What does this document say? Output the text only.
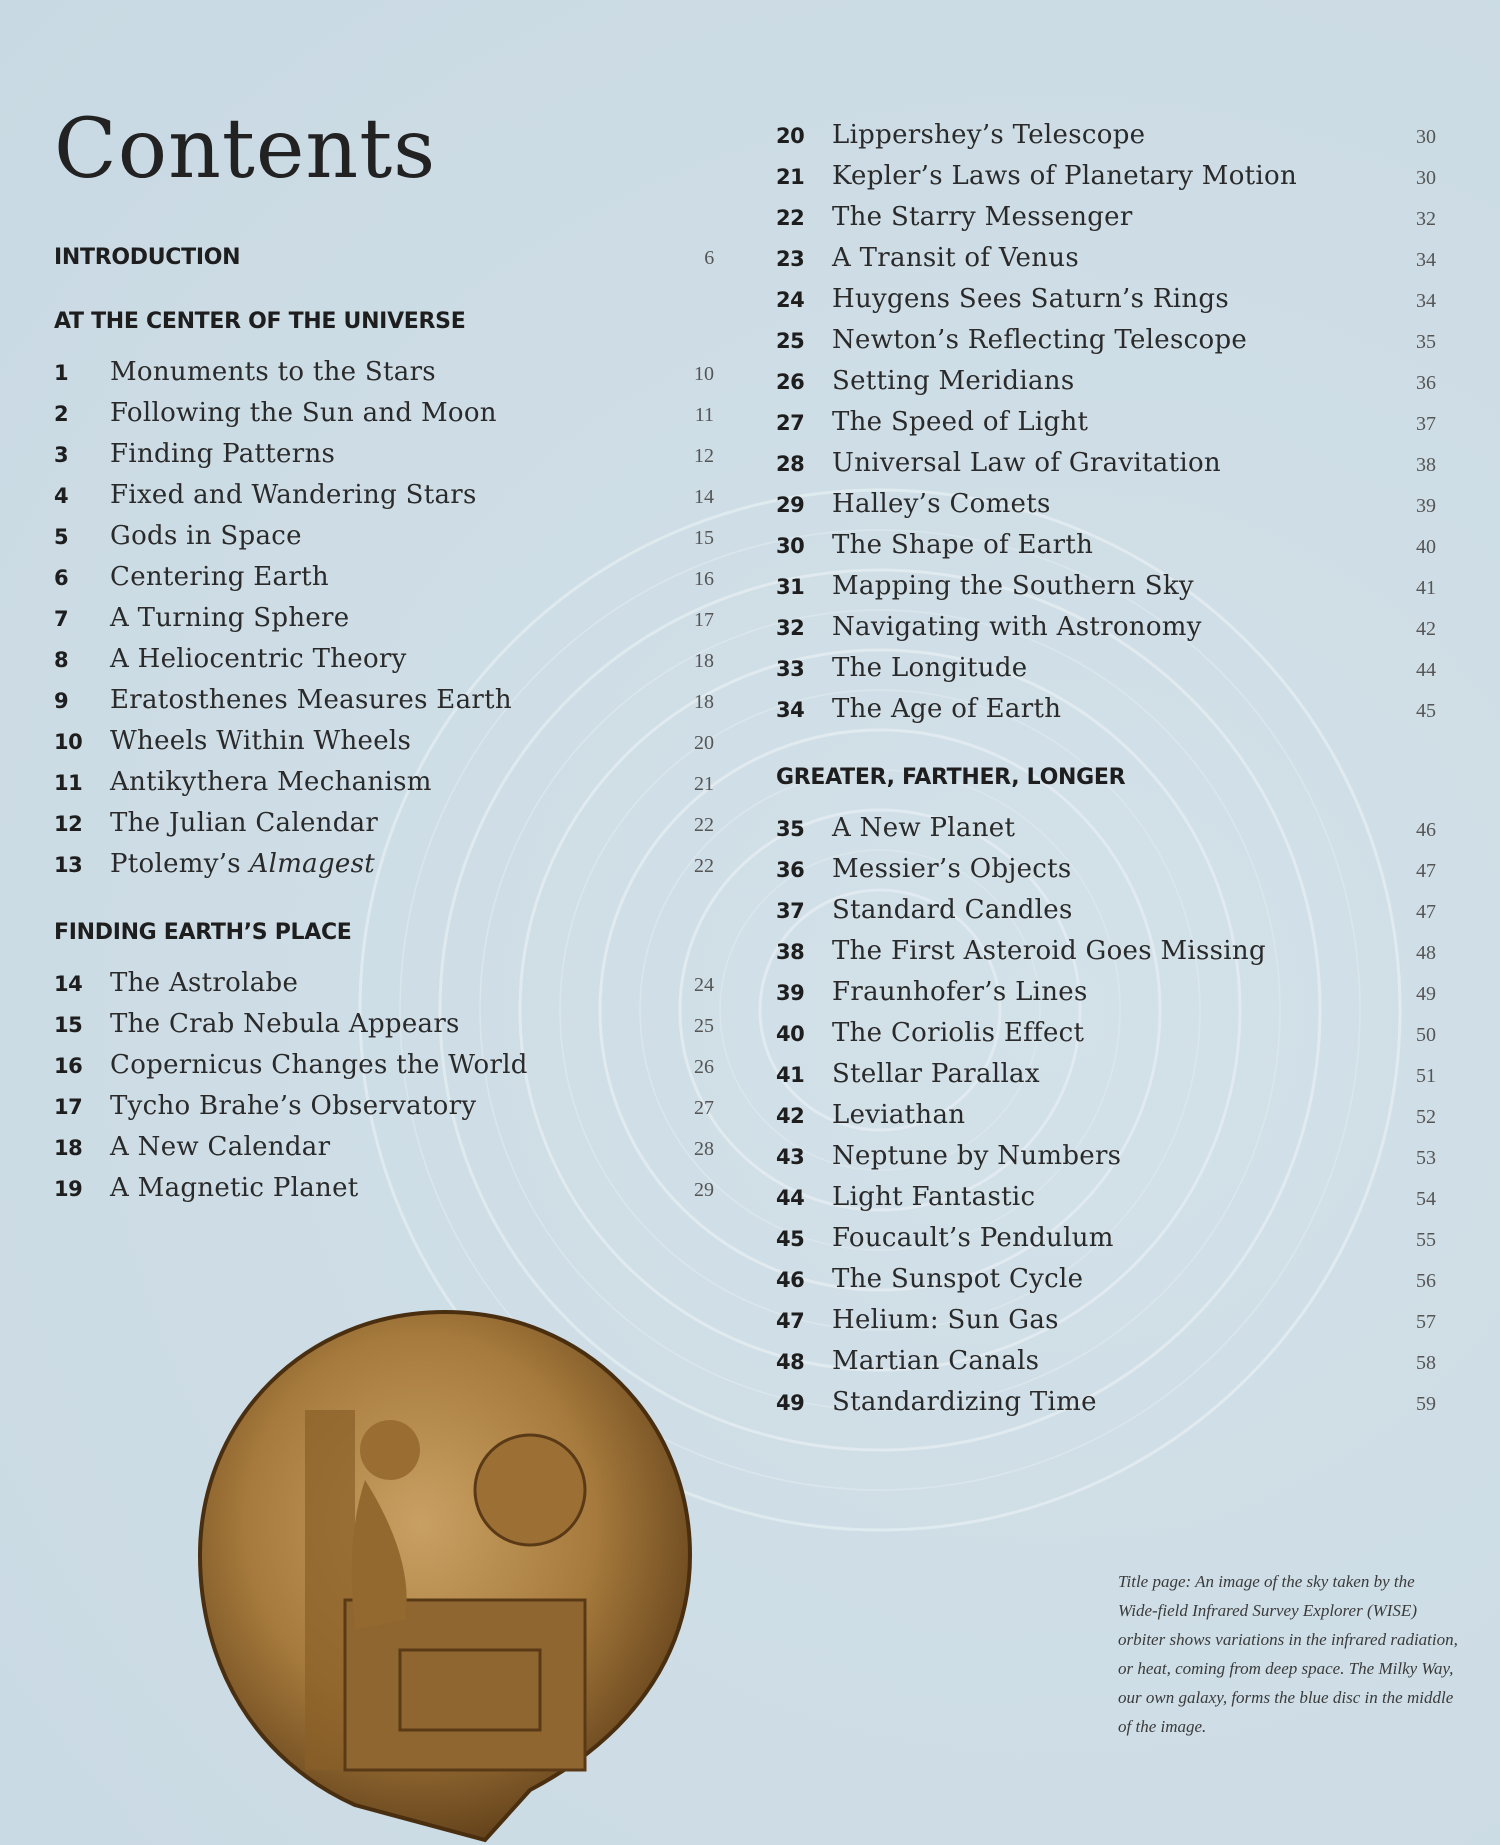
Contents
INTRODUCTION	6
AT THE CENTER OF THE UNIVERSE
1	Monuments to the Stars	10
2	Following the Sun and Moon	11
3	Finding Patterns	12
4	Fixed and Wandering Stars	14
5	Gods in Space	15
6	Centering Earth	16
7	A Turning Sphere	17
8	A Heliocentric Theory	18
9	Eratosthenes Measures Earth	18
10	Wheels Within Wheels	20
11	Antikythera Mechanism	21
12	The Julian Calendar	22
13	Ptolemy’s Almagest	22
FINDING EARTH’S PLACE
14	The Astrolabe	24
15	The Crab Nebula Appears	25
16	Copernicus Changes the World	26
17	Tycho Brahe’s Observatory	27
18	A New Calendar	28
19	A Magnetic Planet	29
20	Lippershey’s Telescope	30
21	Kepler’s Laws of Planetary Motion	30
22	The Starry Messenger	32
23	A Transit of Venus	34
24	Huygens Sees Saturn’s Rings	34
25	Newton’s Reflecting Telescope	35
26	Setting Meridians	36
27	The Speed of Light	37
28	Universal Law of Gravitation	38
29	Halley’s Comets	39
30	The Shape of Earth	40
31	Mapping the Southern Sky	41
32	Navigating with Astronomy	42
33	The Longitude	44
34	The Age of Earth	45
GREATER, FARTHER, LONGER
35	A New Planet	46
36	Messier’s Objects	47
37	Standard Candles	47
38	The First Asteroid Goes Missing	48
39	Fraunhofer’s Lines	49
40	The Coriolis Effect	50
41	Stellar Parallax	51
42	Leviathan	52
43	Neptune by Numbers	53
44	Light Fantastic	54
45	Foucault’s Pendulum	55
46	The Sunspot Cycle	56
47	Helium: Sun Gas	57
48	Martian Canals	58
49	Standardizing Time	59

Title page: An image of the sky taken by the Wide-field Infrared Survey Explorer (WISE) orbiter shows variations in the infrared radiation, or heat, coming from deep space. The Milky Way, our own galaxy, forms the blue disc in the middle of the image.
